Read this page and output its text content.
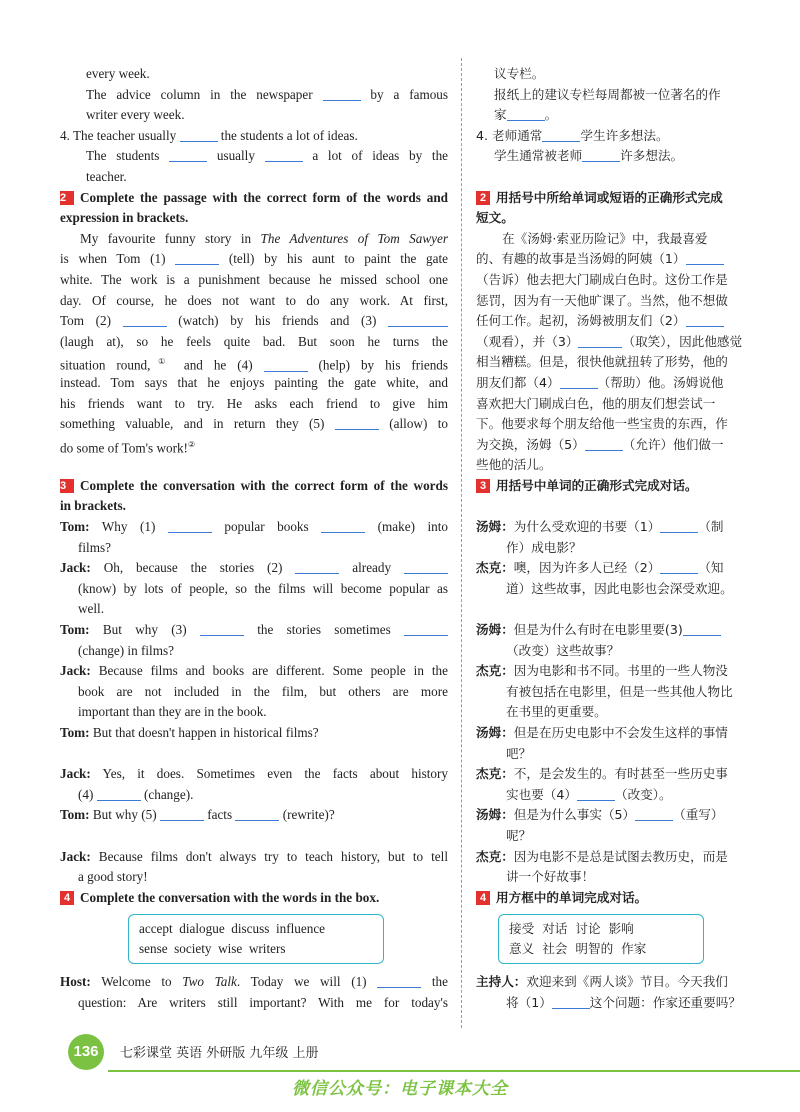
every week.
The advice column in the newspaper	by a famous
writer every week.
4. The teacher usually	the students a lot of ideas.
The students	usually	a lot of ideas by the
teacher.
2 Complete the passage with the correct form of the words and
expression in brackets.
My favourite funny story in The Adventures of Tom Sawyer
is when Tom (1)	(tell) by his aunt to paint the gate
white. The work is a punishment because he missed school one
day. Of course, he does not want to do any work. At first,
Tom (2)	(watch) by his friends and (3)
(laugh at), so he feels quite bad. But soon he turns the
situation round,① and he (4)	(help) by his friends
instead. Tom says that he enjoys painting the gate white, and
his friends want to try. He asks each friend to give him
something valuable, and in return they (5)	(allow) to
do some of Tom's work!②
3 Complete the conversation with the correct form of the words
in brackets.
Tom: Why (1)	popular books	(make) into
films?
Jack: Oh, because the stories (2)	already
(know) by lots of people, so the films will become popular as
well.
Tom: But why (3)	the stories sometimes
(change) in films?
Jack: Because films and books are different. Some people in the
book are not included in the film, but others are more
important than they are in the book.
Tom: But that doesn't happen in historical films?
Jack: Yes, it does. Sometimes even the facts about history
(4)	(change).
Tom: But why (5)	facts	(rewrite)?
Jack: Because films don't always try to teach history, but to tell
a good story!
4 Complete the conversation with the words in the box.
accept  dialogue  discuss  influence
sense  society  wise  writers
Host: Welcome to Two Talk. Today we will (1)	the
question: Are writers still important? With me for today's
议专栏。
报纸上的建议专栏每周都被一位著名的作
家	。
4. 老师通常	学生许多想法。
学生通常被老师	许多想法。
2 用括号中所给单词或短语的正确形式完成
短文。
在《汤姆·索亚历险记》中，我最喜爱
的、有趣的故事是当汤姆的阿姨（1）
（告诉）他去把大门刷成白色时。这份工作是
惩罚，因为有一天他旷课了。当然，他不想做
任何工作。起初，汤姆被朋友们（2）
（观看），并（3）	（取笑），因此他感觉
相当糟糕。但是，很快他就扭转了形势，他的
朋友们都（4）	（帮助）他。汤姆说他
喜欢把大门刷成白色，他的朋友们想尝试一
下。他要求每个朋友给他一些宝贵的东西，作
为交换，汤姆（5）	（允许）他们做一
些他的活儿。
3 用括号中单词的正确形式完成对话。
汤姆：为什么受欢迎的书要（1）	（制
作）成电影？
杰克：噢，因为许多人已经（2）	（知
道）这些故事，因此电影也会深受欢迎。
汤姆：但是为什么有时在电影里要(3)
（改变）这些故事？
杰克：因为电影和书不同。书里的一些人物没
有被包括在电影里，但是一些其他人物比
在书里的更重要。
汤姆：但是在历史电影中不会发生这样的事情
吧？
杰克：不，是会发生的。有时甚至一些历史事
实也要（4）	（改变）。
汤姆：但是为什么事实（5）	（重写）
呢？
杰克：因为电影不是总是试图去教历史，而是
讲一个好故事！
4 用方框中的单词完成对话。
接受  对话  讨论  影响
意义  社会  明智的  作家
主持人：欢迎来到《两人谈》节目。今天我们
将（1）	这个问题：作家还重要吗？
136	七彩课堂 英语 外研版 九年级 上册
微信公众号：电子课本大全
